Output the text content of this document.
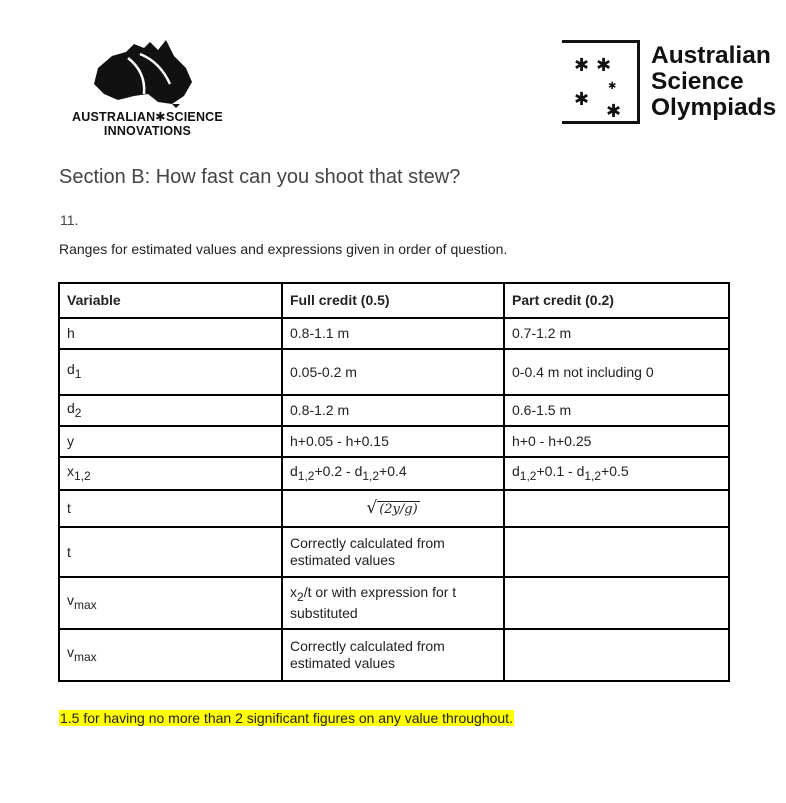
AUSTRALIAN✱SCIENCE
INNOVATIONS
✱ ✱
✱
✱
✱
Australian
Science
Olympiads
Section B: How fast can you shoot that stew?
11.
Ranges for estimated values and expressions given in order of question.
Variable	Full credit (0.5)	Part credit (0.2)
h	0.8-1.1 m	0.7-1.2 m
$d_1$	0.05-0.2 m	0-0.4 m not including 0
$d_2$	0.8-1.2 m	0.6-1.5 m
y	h+0.05 - h+0.15	h+0 - h+0.25
$x_{1,2}$	$d_{1,2}+0.2 - d_{1,2}+0.4$	$d_{1,2}+0.1 - d_{1,2}+0.5$
t	√ (2y/g)	
t	Correctly calculated from estimated values	
$v_{max}$	$x_2/t$ or with expression for t substituted	
$v_{max}$	Correctly calculated from estimated values	
1.5 for having no more than 2 significant figures on any value throughout.
